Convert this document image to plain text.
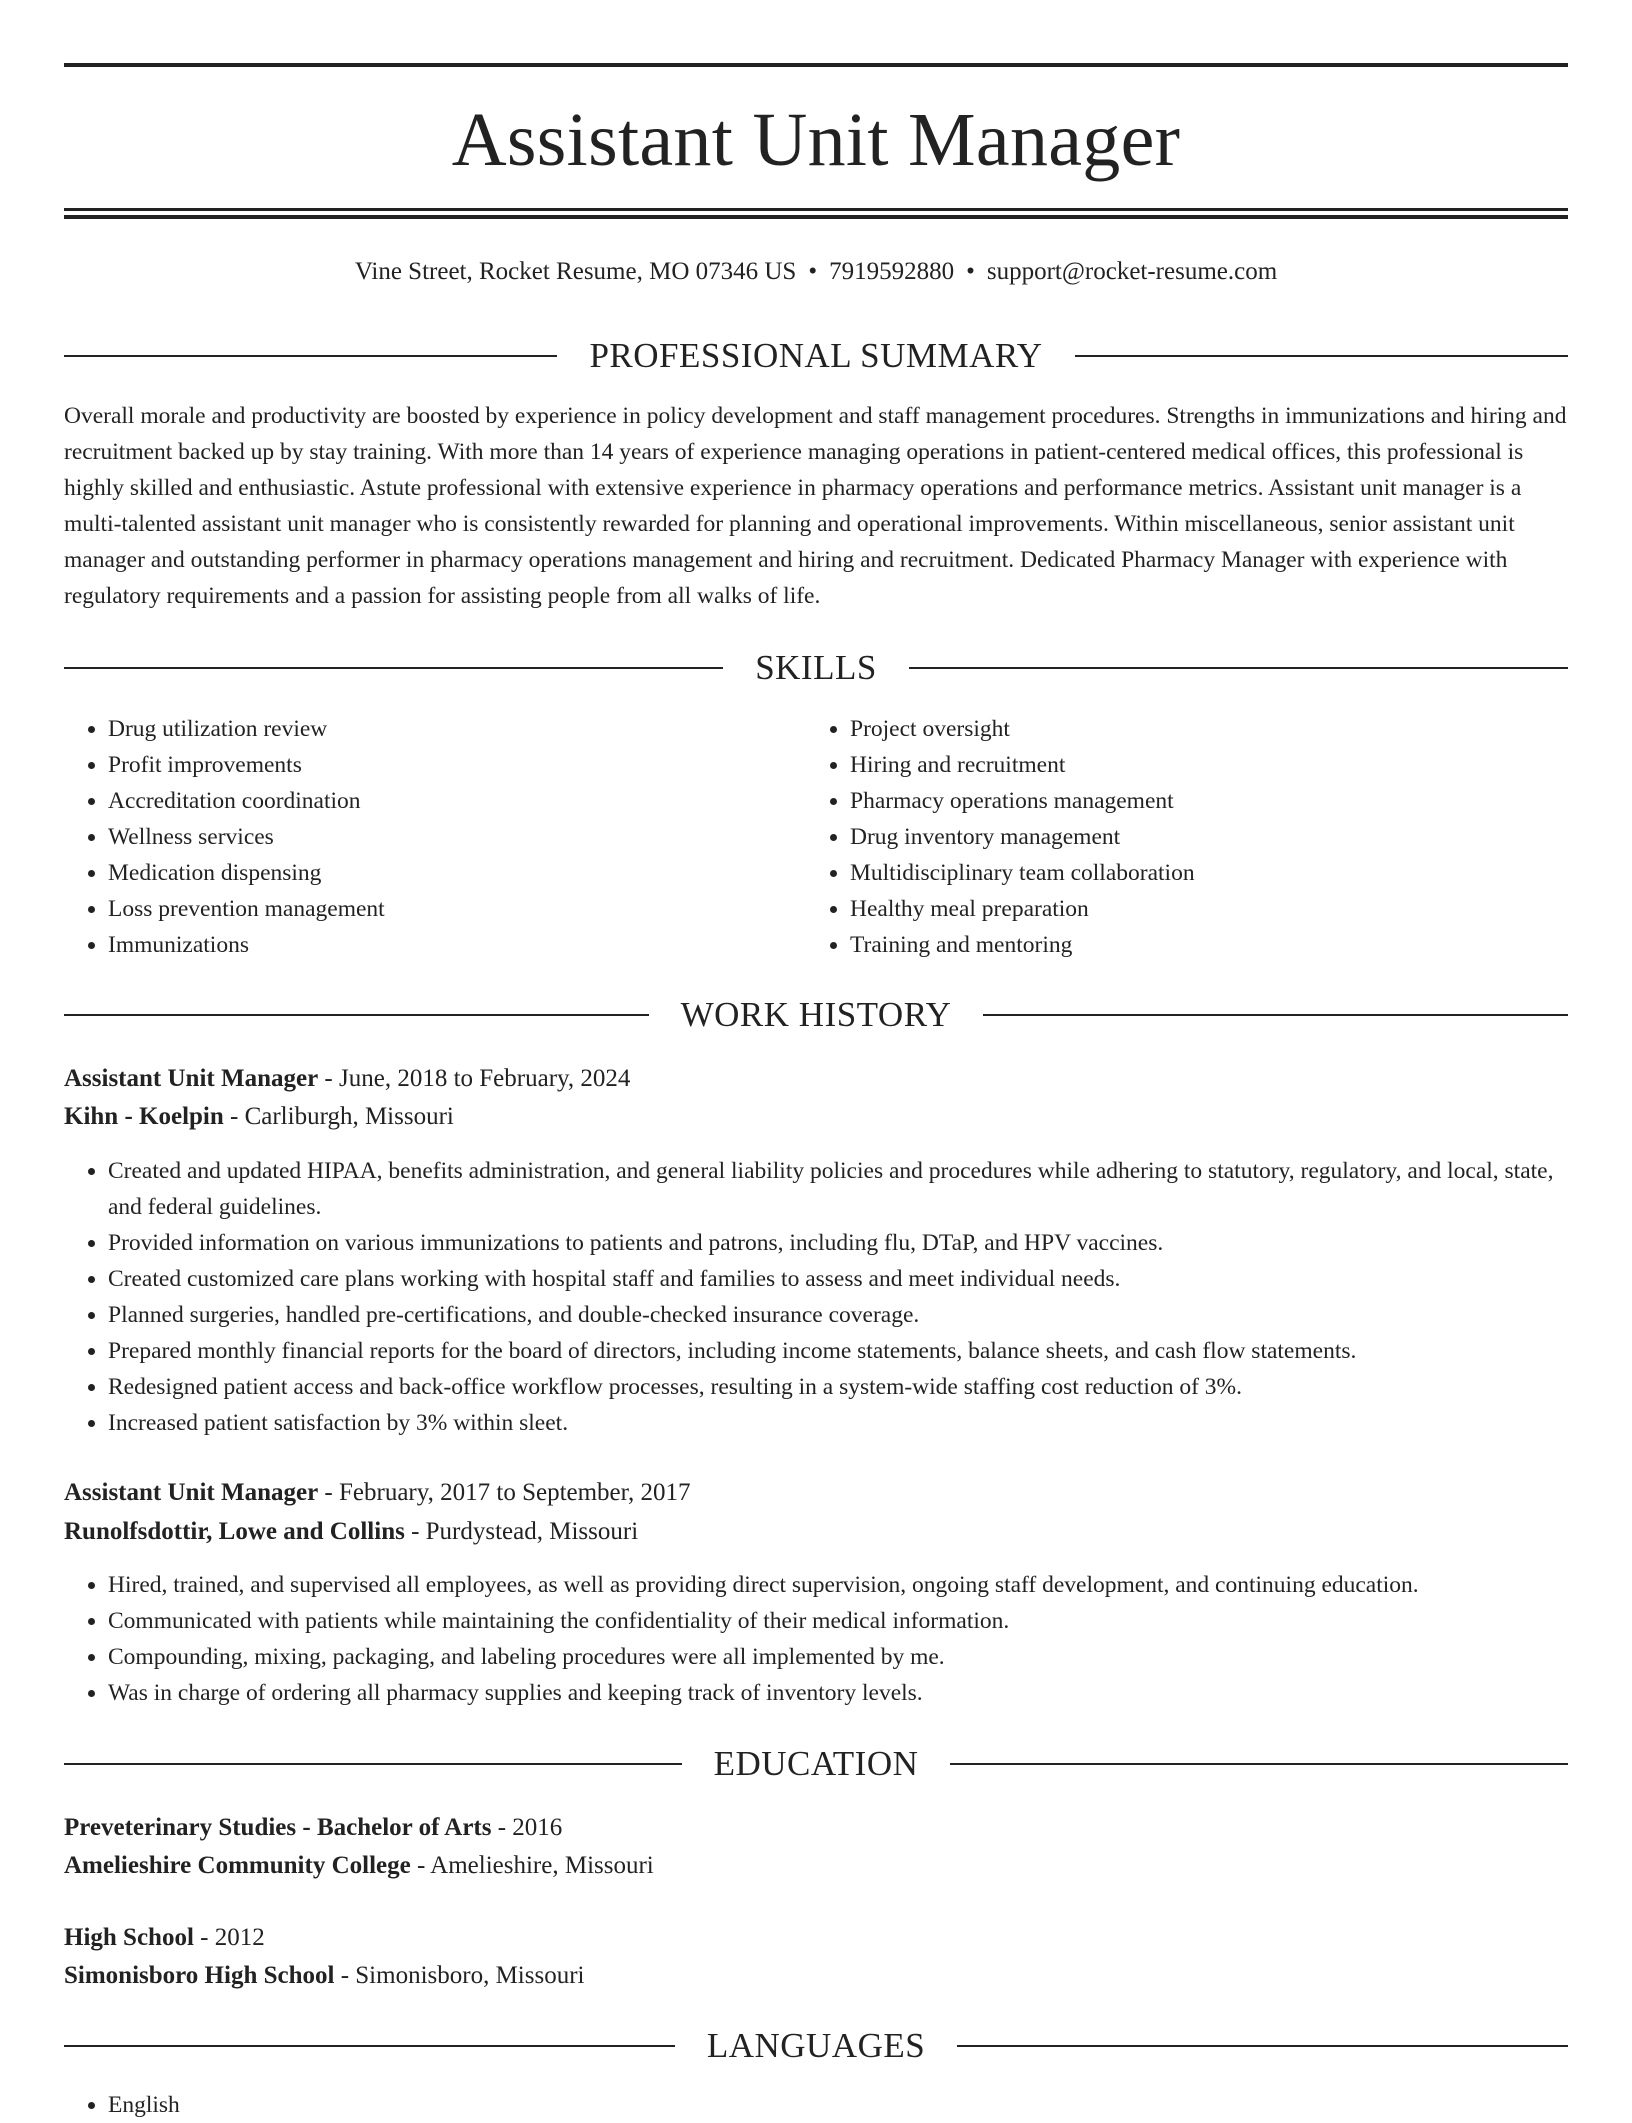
Assistant Unit Manager
Vine Street, Rocket Resume, MO 07346 US • 7919592880 • support@rocket-resume.com
PROFESSIONAL SUMMARY

Overall morale and productivity are boosted by experience in policy development and staff management procedures. Strengths in immunizations and hiring and recruitment backed up by stay training. With more than 14 years of experience managing operations in patient-centered medical offices, this professional is highly skilled and enthusiastic. Astute professional with extensive experience in pharmacy operations and performance metrics. Assistant unit manager is a multi-talented assistant unit manager who is consistently rewarded for planning and operational improvements. Within miscellaneous, senior assistant unit manager and outstanding performer in pharmacy operations management and hiring and recruitment. Dedicated Pharmacy Manager with experience with regulatory requirements and a passion for assisting people from all walks of life.

SKILLS
• Drug utilization review
• Profit improvements
• Accreditation coordination
• Wellness services
• Medication dispensing
• Loss prevention management
• Immunizations
• Project oversight
• Hiring and recruitment
• Pharmacy operations management
• Drug inventory management
• Multidisciplinary team collaboration
• Healthy meal preparation
• Training and mentoring
WORK HISTORY
Assistant Unit Manager - June, 2018 to February, 2024
Kihn - Koelpin - Carliburgh, Missouri
• Created and updated HIPAA, benefits administration, and general liability policies and procedures while adhering to statutory, regulatory, and local, state, and federal guidelines.
• Provided information on various immunizations to patients and patrons, including flu, DTaP, and HPV vaccines.
• Created customized care plans working with hospital staff and families to assess and meet individual needs.
• Planned surgeries, handled pre-certifications, and double-checked insurance coverage.
• Prepared monthly financial reports for the board of directors, including income statements, balance sheets, and cash flow statements.
• Redesigned patient access and back-office workflow processes, resulting in a system-wide staffing cost reduction of 3%.
• Increased patient satisfaction by 3% within sleet.
Assistant Unit Manager - February, 2017 to September, 2017
Runolfsdottir, Lowe and Collins - Purdystead, Missouri
• Hired, trained, and supervised all employees, as well as providing direct supervision, ongoing staff development, and continuing education.
• Communicated with patients while maintaining the confidentiality of their medical information.
• Compounding, mixing, packaging, and labeling procedures were all implemented by me.
• Was in charge of ordering all pharmacy supplies and keeping track of inventory levels.
EDUCATION
Preveterinary Studies - Bachelor of Arts - 2016
Amelieshire Community College - Amelieshire, Missouri
High School - 2012
Simonisboro High School - Simonisboro, Missouri
LANGUAGES
• English
